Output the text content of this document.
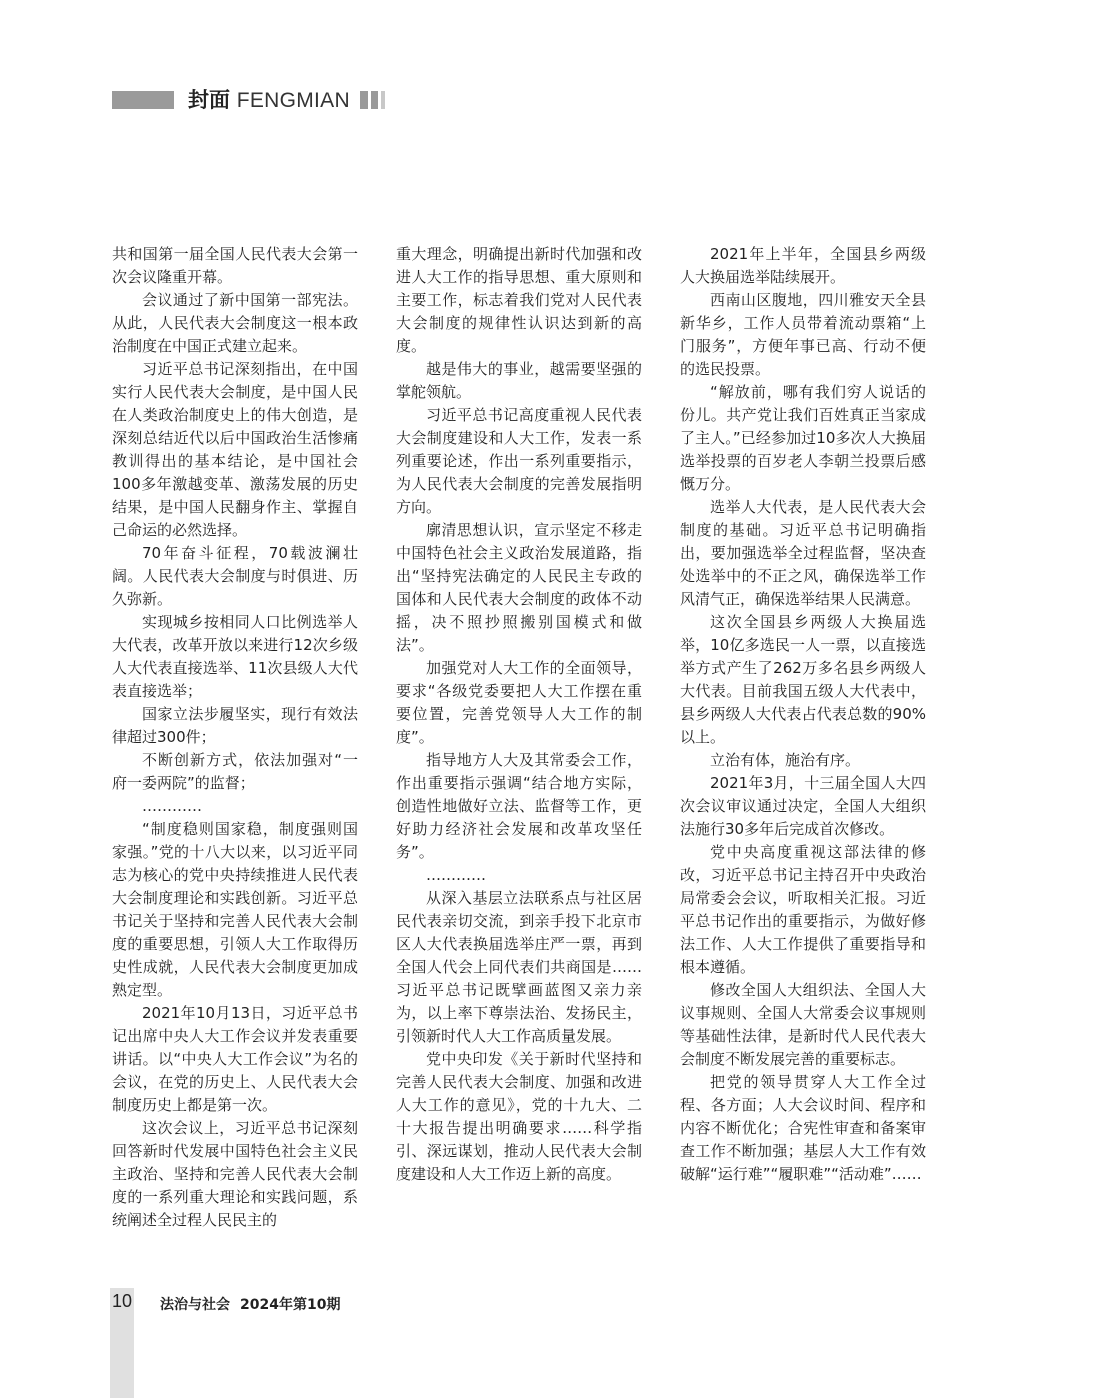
封面 FENGMIAN

共和国第一届全国人民代表大会第一次会议隆重开幕。

会议通过了新中国第一部宪法。从此，人民代表大会制度这一根本政治制度在中国正式建立起来。

习近平总书记深刻指出，在中国实行人民代表大会制度，是中国人民在人类政治制度史上的伟大创造，是深刻总结近代以后中国政治生活惨痛教训得出的基本结论，是中国社会100多年激越变革、激荡发展的历史结果，是中国人民翻身作主、掌握自己命运的必然选择。

70年奋斗征程，70载波澜壮阔。人民代表大会制度与时俱进、历久弥新。

实现城乡按相同人口比例选举人大代表，改革开放以来进行12次乡级人大代表直接选举、11次县级人大代表直接选举；

国家立法步履坚实，现行有效法律超过300件；

不断创新方式，依法加强对“一府一委两院”的监督；

…………

“制度稳则国家稳，制度强则国家强。”党的十八大以来，以习近平同志为核心的党中央持续推进人民代表大会制度理论和实践创新。习近平总书记关于坚持和完善人民代表大会制度的重要思想，引领人大工作取得历史性成就，人民代表大会制度更加成熟定型。

2021年10月13日，习近平总书记出席中央人大工作会议并发表重要讲话。以“中央人大工作会议”为名的会议，在党的历史上、人民代表大会制度历史上都是第一次。

这次会议上，习近平总书记深刻回答新时代发展中国特色社会主义民主政治、坚持和完善人民代表大会制度的一系列重大理论和实践问题，系统阐述全过程人民民主的

重大理念，明确提出新时代加强和改进人大工作的指导思想、重大原则和主要工作，标志着我们党对人民代表大会制度的规律性认识达到新的高度。

越是伟大的事业，越需要坚强的掌舵领航。

习近平总书记高度重视人民代表大会制度建设和人大工作，发表一系列重要论述，作出一系列重要指示，为人民代表大会制度的完善发展指明方向。

廓清思想认识，宣示坚定不移走中国特色社会主义政治发展道路，指出“坚持宪法确定的人民民主专政的国体和人民代表大会制度的政体不动摇，决不照抄照搬别国模式和做法”。

加强党对人大工作的全面领导，要求“各级党委要把人大工作摆在重要位置，完善党领导人大工作的制度”。

指导地方人大及其常委会工作，作出重要指示强调“结合地方实际，创造性地做好立法、监督等工作，更好助力经济社会发展和改革攻坚任务”。

…………

从深入基层立法联系点与社区居民代表亲切交流，到亲手投下北京市区人大代表换届选举庄严一票，再到全国人代会上同代表们共商国是……习近平总书记既擘画蓝图又亲力亲为，以上率下尊崇法治、发扬民主，引领新时代人大工作高质量发展。

党中央印发《关于新时代坚持和完善人民代表大会制度、加强和改进人大工作的意见》，党的十九大、二十大报告提出明确要求……科学指引、深远谋划，推动人民代表大会制度建设和人大工作迈上新的高度。

2021年上半年，全国县乡两级人大换届选举陆续展开。

西南山区腹地，四川雅安天全县新华乡，工作人员带着流动票箱“上门服务”，方便年事已高、行动不便的选民投票。

“解放前，哪有我们穷人说话的份儿。共产党让我们百姓真正当家成了主人。”已经参加过10多次人大换届选举投票的百岁老人李朝兰投票后感慨万分。

选举人大代表，是人民代表大会制度的基础。习近平总书记明确指出，要加强选举全过程监督，坚决查处选举中的不正之风，确保选举工作风清气正，确保选举结果人民满意。

这次全国县乡两级人大换届选举，10亿多选民一人一票，以直接选举方式产生了262万多名县乡两级人大代表。目前我国五级人大代表中，县乡两级人大代表占代表总数的90%以上。

立治有体，施治有序。

2021年3月，十三届全国人大四次会议审议通过决定，全国人大组织法施行30多年后完成首次修改。

党中央高度重视这部法律的修改，习近平总书记主持召开中央政治局常委会会议，听取相关汇报。习近平总书记作出的重要指示，为做好修法工作、人大工作提供了重要指导和根本遵循。

修改全国人大组织法、全国人大议事规则、全国人大常委会议事规则等基础性法律，是新时代人民代表大会制度不断发展完善的重要标志。

把党的领导贯穿人大工作全过程、各方面；人大会议时间、程序和内容不断优化；合宪性审查和备案审查工作不断加强；基层人大工作有效破解“运行难”“履职难”“活动难”……

10 法治与社会 2024年第10期
